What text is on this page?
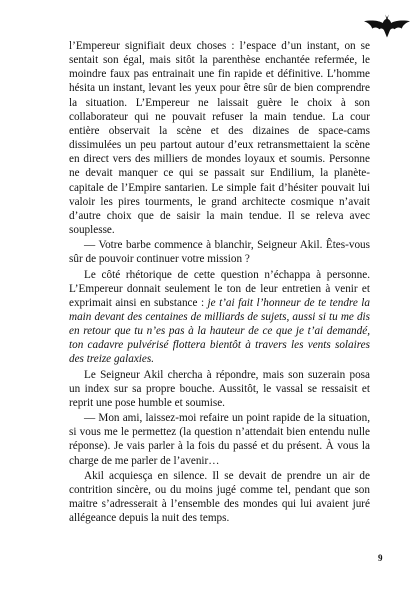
l’Empereur signifiait deux choses : l’espace d’un instant, on se sentait son égal, mais sitôt la parenthèse enchantée refermée, le moindre faux pas entrainait une fin rapide et définitive. L’homme hésita un instant, levant les yeux pour être sûr de bien comprendre la situation. L’Empereur ne laissait guère le choix à son collaborateur qui ne pouvait refuser la main tendue. La cour entière observait la scène et des dizaines de space-cams dissimulées un peu partout autour d’eux retransmettaient la scène en direct vers des milliers de mondes loyaux et soumis. Personne ne devait manquer ce qui se passait sur Endilium, la planète-capitale de l’Empire santarien. Le simple fait d’hésiter pouvait lui valoir les pires tourments, le grand architecte cosmique n’avait d’autre choix que de saisir la main tendue. Il se releva avec souplesse.

— Votre barbe commence à blanchir, Seigneur Akil. Êtes-vous sûr de pouvoir continuer votre mission ?

Le côté rhétorique de cette question n’échappa à personne. L’Empereur donnait seulement le ton de leur entretien à venir et exprimait ainsi en substance : je t’ai fait l’honneur de te tendre la main devant des centaines de milliards de sujets, aussi si tu me dis en retour que tu n’es pas à la hauteur de ce que je t’ai demandé, ton cadavre pulvérisé flottera bientôt à travers les vents solaires des treize galaxies.

Le Seigneur Akil chercha à répondre, mais son suzerain posa un index sur sa propre bouche. Aussitôt, le vassal se ressaisit et reprit une pose humble et soumise.

— Mon ami, laissez-moi refaire un point rapide de la situation, si vous me le permettez (la question n’attendait bien entendu nulle réponse). Je vais parler à la fois du passé et du présent. À vous la charge de me parler de l’avenir…

Akil acquiesça en silence. Il se devait de prendre un air de contrition sincère, ou du moins jugé comme tel, pendant que son maitre s’adresserait à l’ensemble des mondes qui lui avaient juré allégeance depuis la nuit des temps.

9
